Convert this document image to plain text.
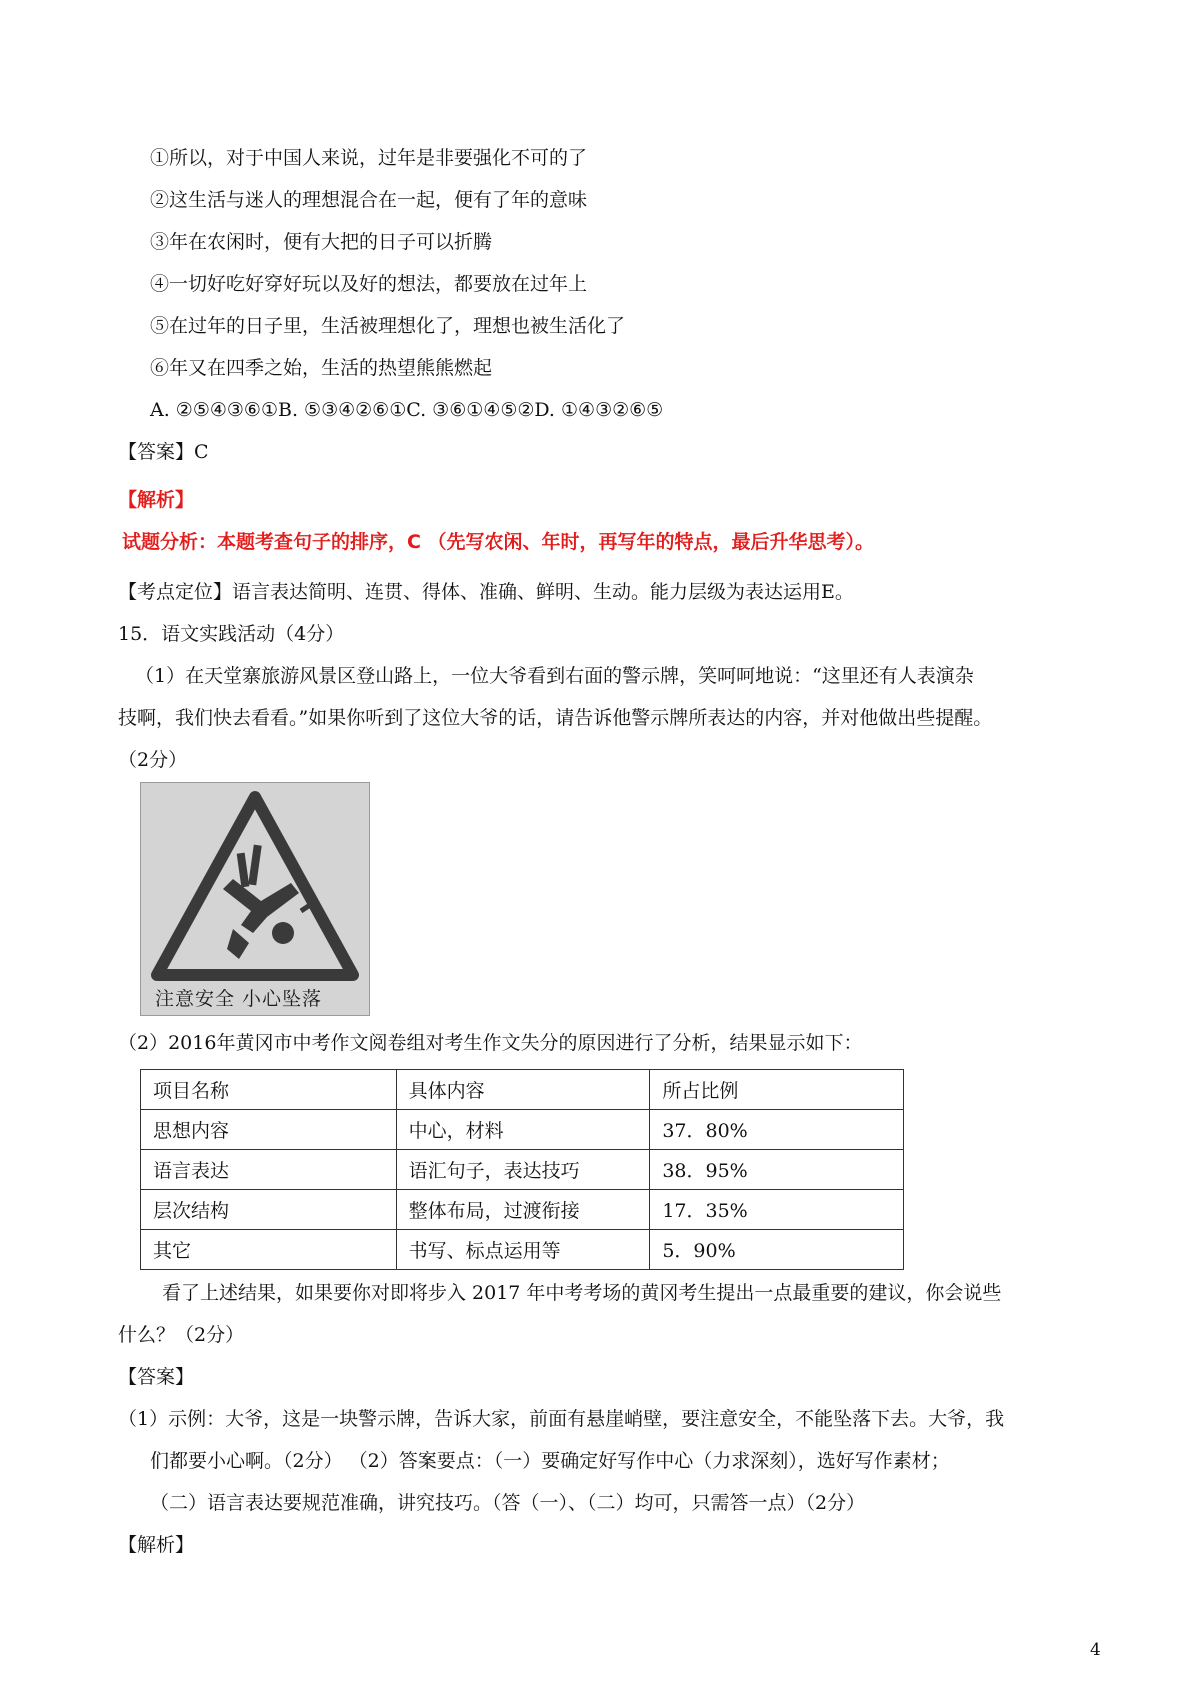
①所以，对于中国人来说，过年是非要强化不可的了
②这生活与迷人的理想混合在一起，便有了年的意味
③年在农闲时，便有大把的日子可以折腾
④一切好吃好穿好玩以及好的想法，都要放在过年上
⑤在过年的日子里，生活被理想化了，理想也被生活化了
⑥年又在四季之始，生活的热望熊熊燃起
A. ②⑤④③⑥①B. ⑤③④②⑥①C. ③⑥①④⑤②D. ①④③②⑥⑤
【答案】C
【解析】
试题分析：本题考查句子的排序，C （先写农闲、年时，再写年的特点，最后升华思考）。
【考点定位】语言表达简明、连贯、得体、准确、鲜明、生动。能力层级为表达运用E。
15．语文实践活动（4分）
（1）在天堂寨旅游风景区登山路上，一位大爷看到右面的警示牌，笑呵呵地说：“这里还有人表演杂
技啊，我们快去看看。”如果你听到了这位大爷的话，请告诉他警示牌所表达的内容，并对他做出些提醒。
（2分）
注意安全 小心坠落
（2）2016年黄冈市中考作文阅卷组对考生作文失分的原因进行了分析，结果显示如下：
项目名称	具体内容	所占比例
思想内容	中心，材料	37．80%
语言表达	语汇句子，表达技巧	38．95%
层次结构	整体布局，过渡衔接	17．35%
其它	书写、标点运用等	5．90%
看了上述结果，如果要你对即将步入 2017 年中考考场的黄冈考生提出一点最重要的建议，你会说些
什么？（2分）
【答案】
（1）示例：大爷，这是一块警示牌，告诉大家，前面有悬崖峭壁，要注意安全，不能坠落下去。大爷，我
们都要小心啊。（2分） （2）答案要点：（一）要确定好写作中心（力求深刻），选好写作素材；
（二）语言表达要规范准确，讲究技巧。（答（一）、（二）均可，只需答一点）（2分）
【解析】
4
